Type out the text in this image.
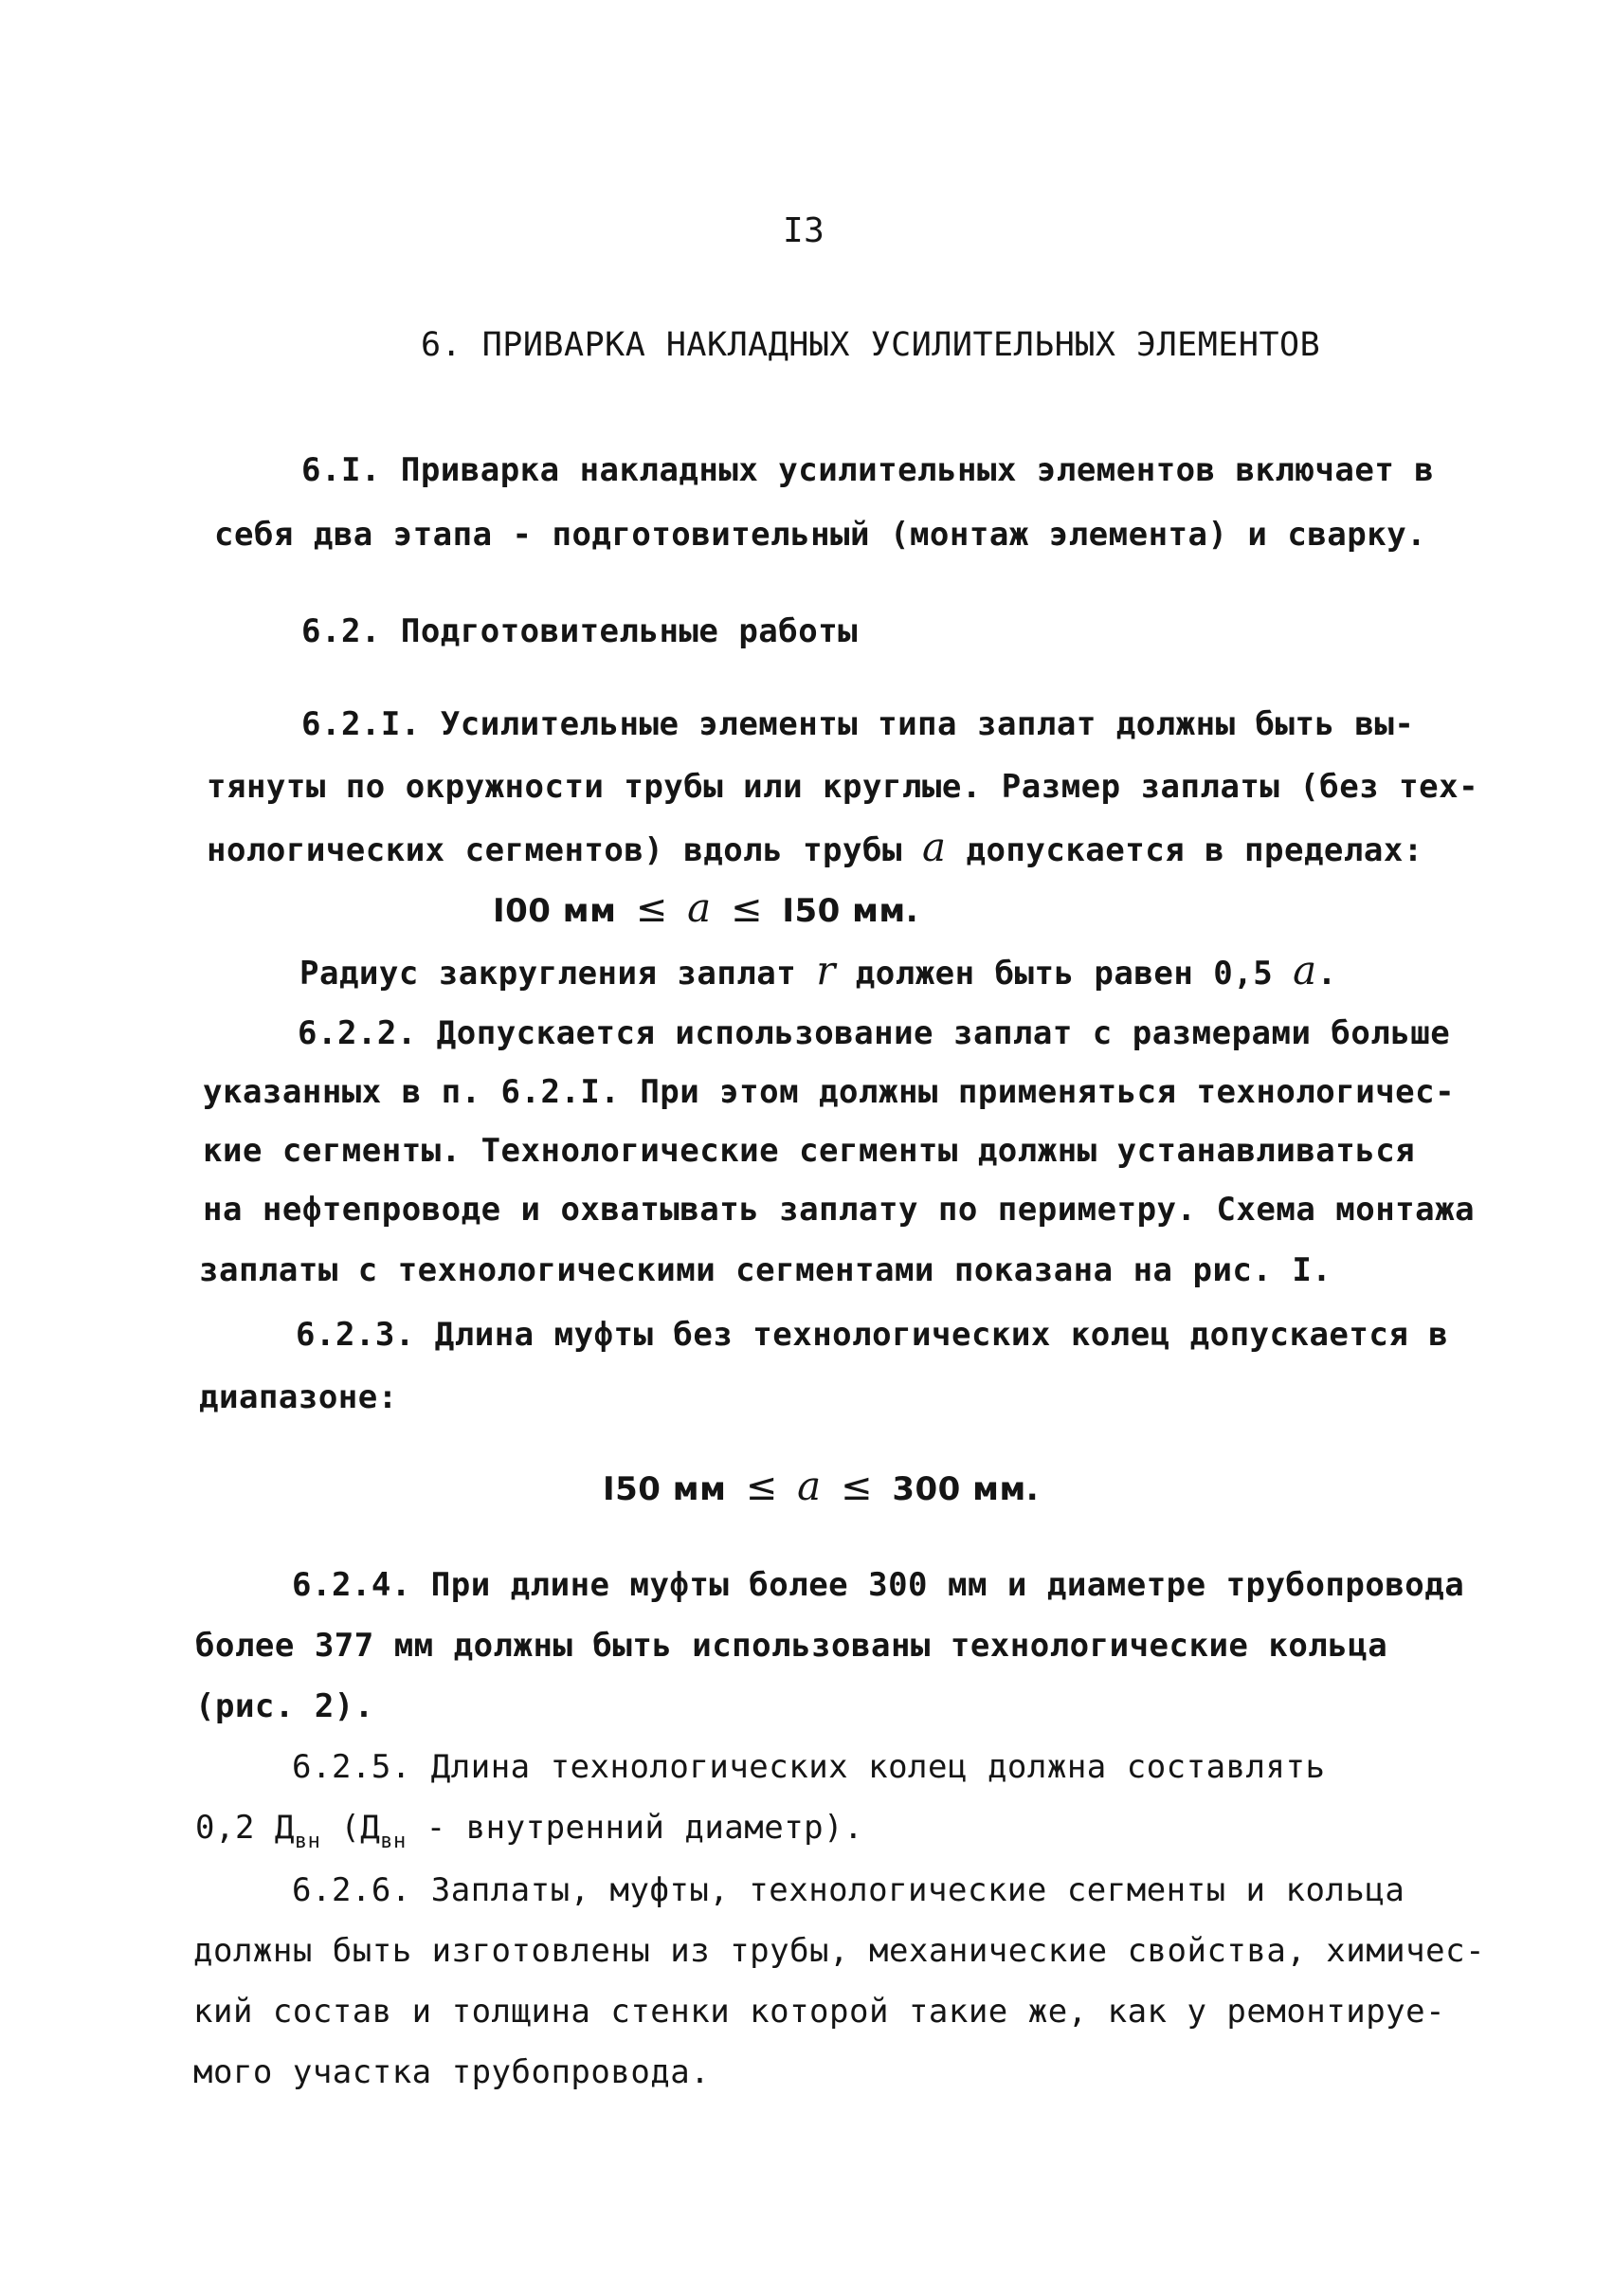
I3
6. ПРИВАРКА НАКЛАДНЫХ УСИЛИТЕЛЬНЫХ ЭЛЕМЕНТОВ
6.I. Приварка накладных усилительных элементов включает в
себя два этапа - подготовительный (монтаж элемента) и сварку.
6.2. Подготовительные работы
6.2.I. Усилительные элементы типа заплат должны быть вы-
тянуты по окружности трубы или круглые. Размер заплаты (без тех-
нологических сегментов) вдоль трубы a допускается в пределах:
I00 мм ≤ a ≤ I50 мм.
Радиус закругления заплат r должен быть равен 0,5 a.
6.2.2. Допускается использование заплат с размерами больше
указанных в п. 6.2.I. При этом должны применяться технологичес-
кие сегменты. Технологические сегменты должны устанавливаться
на нефтепроводе и охватывать заплату по периметру. Схема монтажа
заплаты с технологическими сегментами показана на рис. I.
6.2.3. Длина муфты без технологических колец допускается в
диапазоне:
I50 мм ≤ a ≤ 300 мм.
6.2.4. При длине муфты более 300 мм и диаметре трубопровода
более 377 мм должны быть использованы технологические кольца
(рис. 2).
6.2.5. Длина технологических колец должна составлять
0,2 $Д_{вн}$ ($Д_{вн}$ - внутренний диаметр).
6.2.6. Заплаты, муфты, технологические сегменты и кольца
должны быть изготовлены из трубы, механические свойства, химичес-
кий состав и толщина стенки которой такие же, как у ремонтируе-
мого участка трубопровода.
